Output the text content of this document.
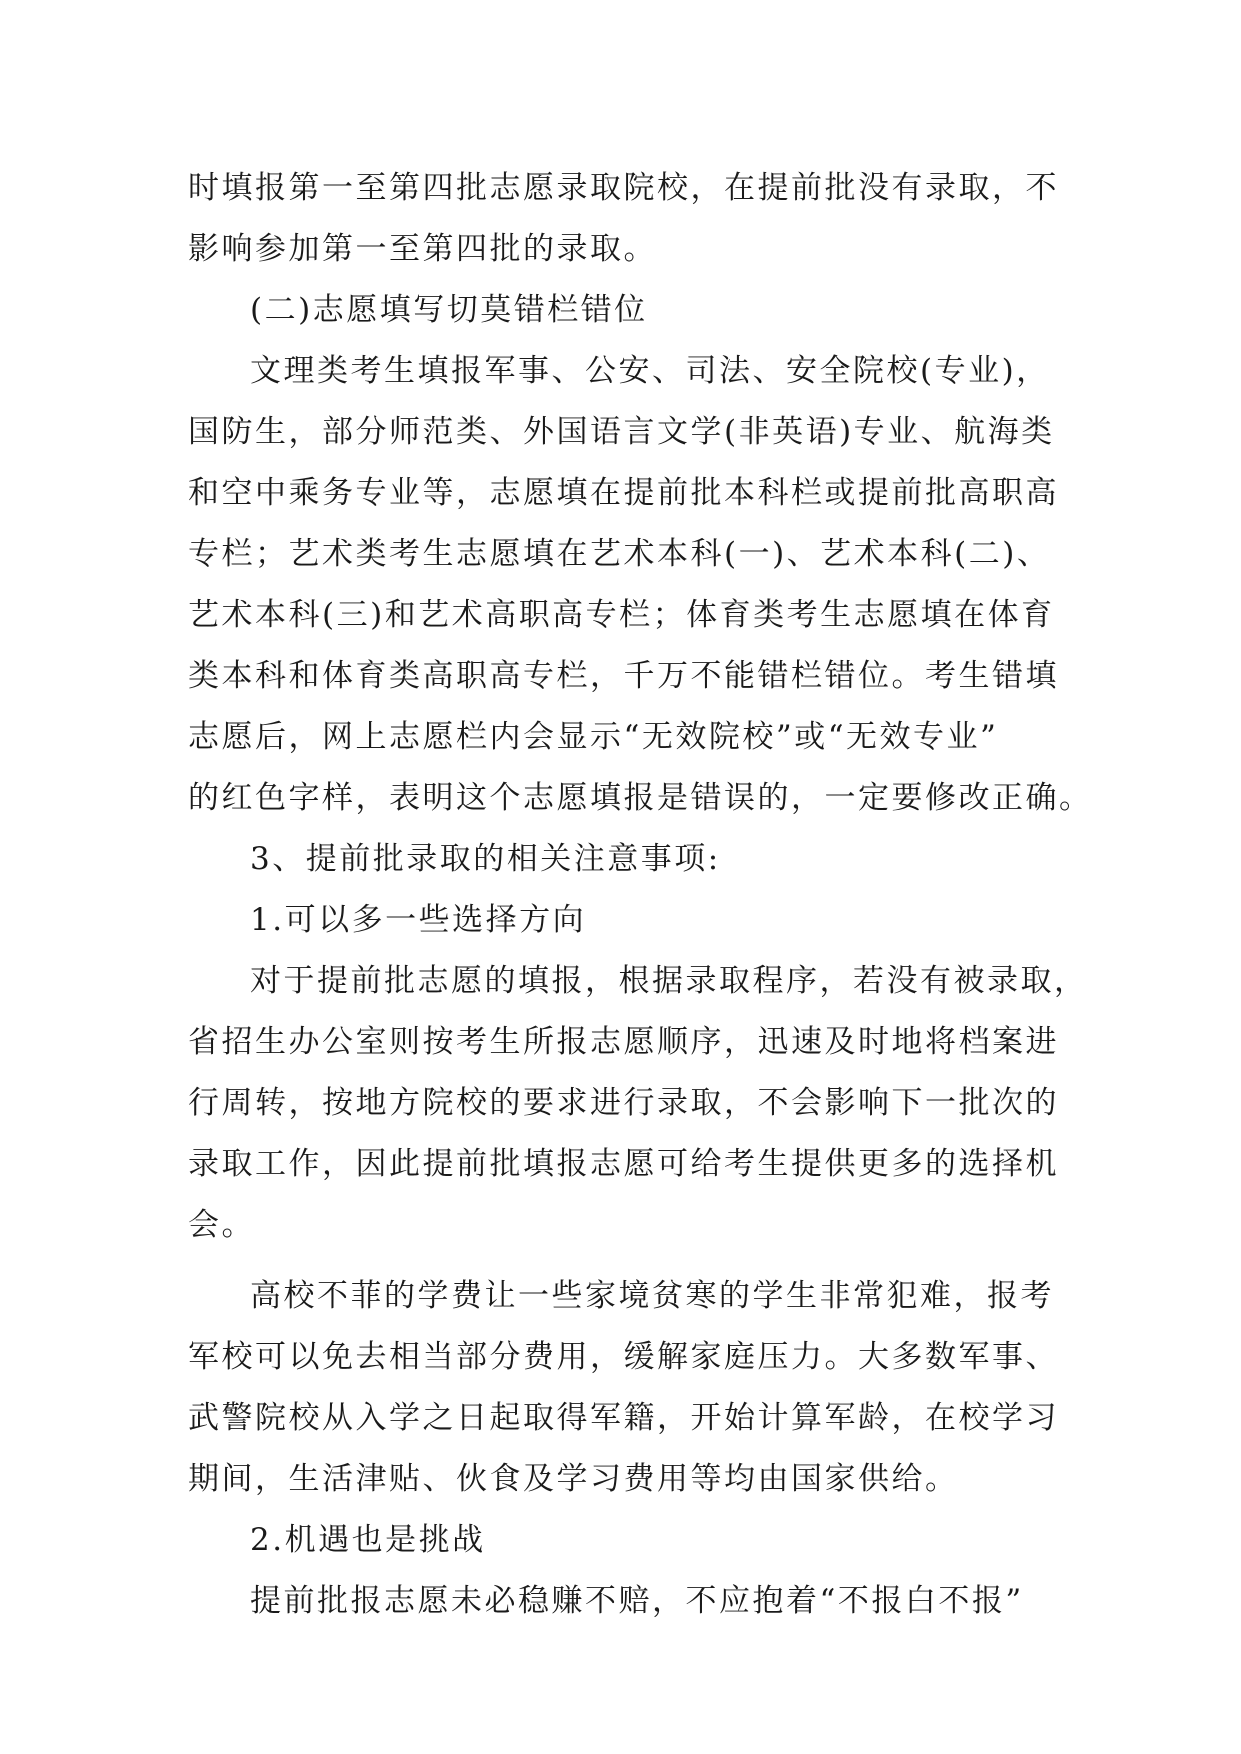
时填报第一至第四批志愿录取院校，在提前批没有录取，不
影响参加第一至第四批的录取。
(二)志愿填写切莫错栏错位
文理类考生填报军事、公安、司法、安全院校(专业)，
国防生，部分师范类、外国语言文学(非英语)专业、航海类
和空中乘务专业等，志愿填在提前批本科栏或提前批高职高
专栏；艺术类考生志愿填在艺术本科(一)、艺术本科(二)、
艺术本科(三)和艺术高职高专栏；体育类考生志愿填在体育
类本科和体育类高职高专栏，千万不能错栏错位。考生错填
志愿后，网上志愿栏内会显示“无效院校”或“无效专业”
的红色字样，表明这个志愿填报是错误的，一定要修改正确。
3、提前批录取的相关注意事项:
1.可以多一些选择方向
对于提前批志愿的填报，根据录取程序，若没有被录取，
省招生办公室则按考生所报志愿顺序，迅速及时地将档案进
行周转，按地方院校的要求进行录取，不会影响下一批次的
录取工作，因此提前批填报志愿可给考生提供更多的选择机
会。
高校不菲的学费让一些家境贫寒的学生非常犯难，报考
军校可以免去相当部分费用，缓解家庭压力。大多数军事、
武警院校从入学之日起取得军籍，开始计算军龄，在校学习
期间，生活津贴、伙食及学习费用等均由国家供给。
2.机遇也是挑战
提前批报志愿未必稳赚不赔，不应抱着“不报白不报”
